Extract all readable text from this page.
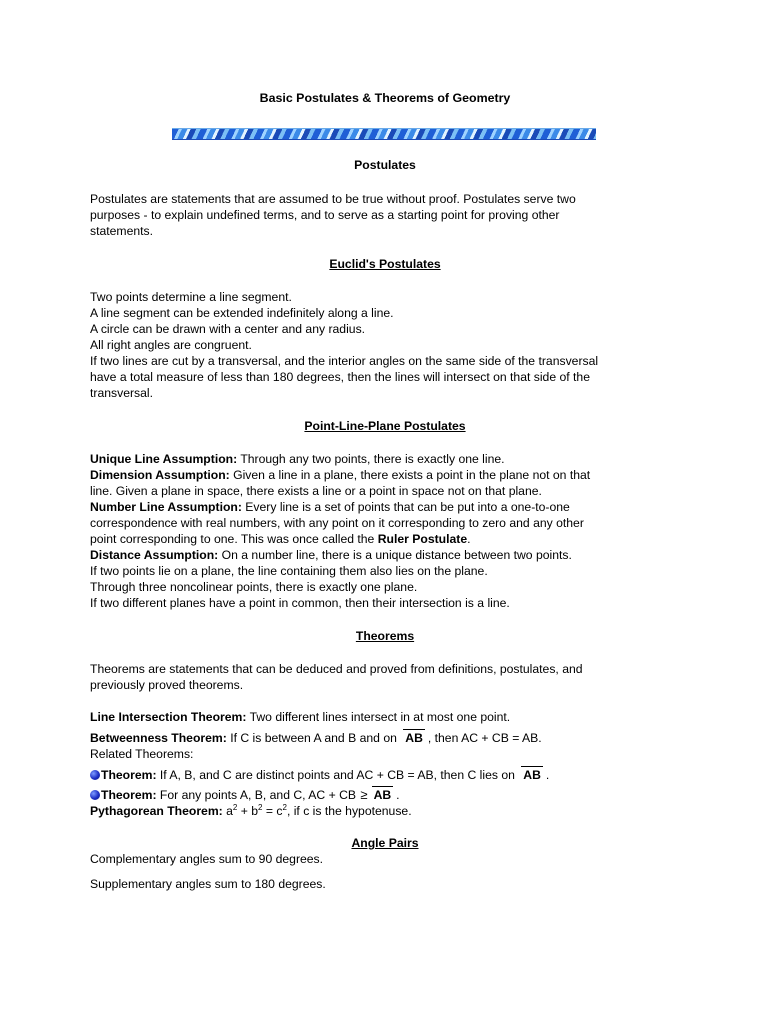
Basic Postulates & Theorems of Geometry
Postulates
Postulates are statements that are assumed to be true without proof. Postulates serve two
purposes - to explain undefined terms, and to serve as a starting point for proving other
statements.
Euclid's Postulates
Two points determine a line segment.
A line segment can be extended indefinitely along a line.
A circle can be drawn with a center and any radius.
All right angles are congruent.
If two lines are cut by a transversal, and the interior angles on the same side of the transversal
have a total measure of less than 180 degrees, then the lines will intersect on that side of the
transversal.
Point-Line-Plane Postulates
Unique Line Assumption: Through any two points, there is exactly one line.
Dimension Assumption: Given a line in a plane, there exists a point in the plane not on that
line. Given a plane in space, there exists a line or a point in space not on that plane.
Number Line Assumption: Every line is a set of points that can be put into a one-to-one
correspondence with real numbers, with any point on it corresponding to zero and any other
point corresponding to one. This was once called the Ruler Postulate.
Distance Assumption: On a number line, there is a unique distance between two points.
If two points lie on a plane, the line containing them also lies on the plane.
Through three noncolinear points, there is exactly one plane.
If two different planes have a point in common, then their intersection is a line.
Theorems
Theorems are statements that can be deduced and proved from definitions, postulates, and
previously proved theorems.
Line Intersection Theorem: Two different lines intersect in at most one point.
Betweenness Theorem: If C is between A and B and on AB , then AC + CB = AB.
Related Theorems:
Theorem: If A, B, and C are distinct points and AC + CB = AB, then C lies on AB .
Theorem: For any points A, B, and C, AC + CB ≥ AB .
Pythagorean Theorem: $a^2 + b^2 = c^2$, if c is the hypotenuse.
Angle Pairs
Complementary angles sum to 90 degrees.
Supplementary angles sum to 180 degrees.
